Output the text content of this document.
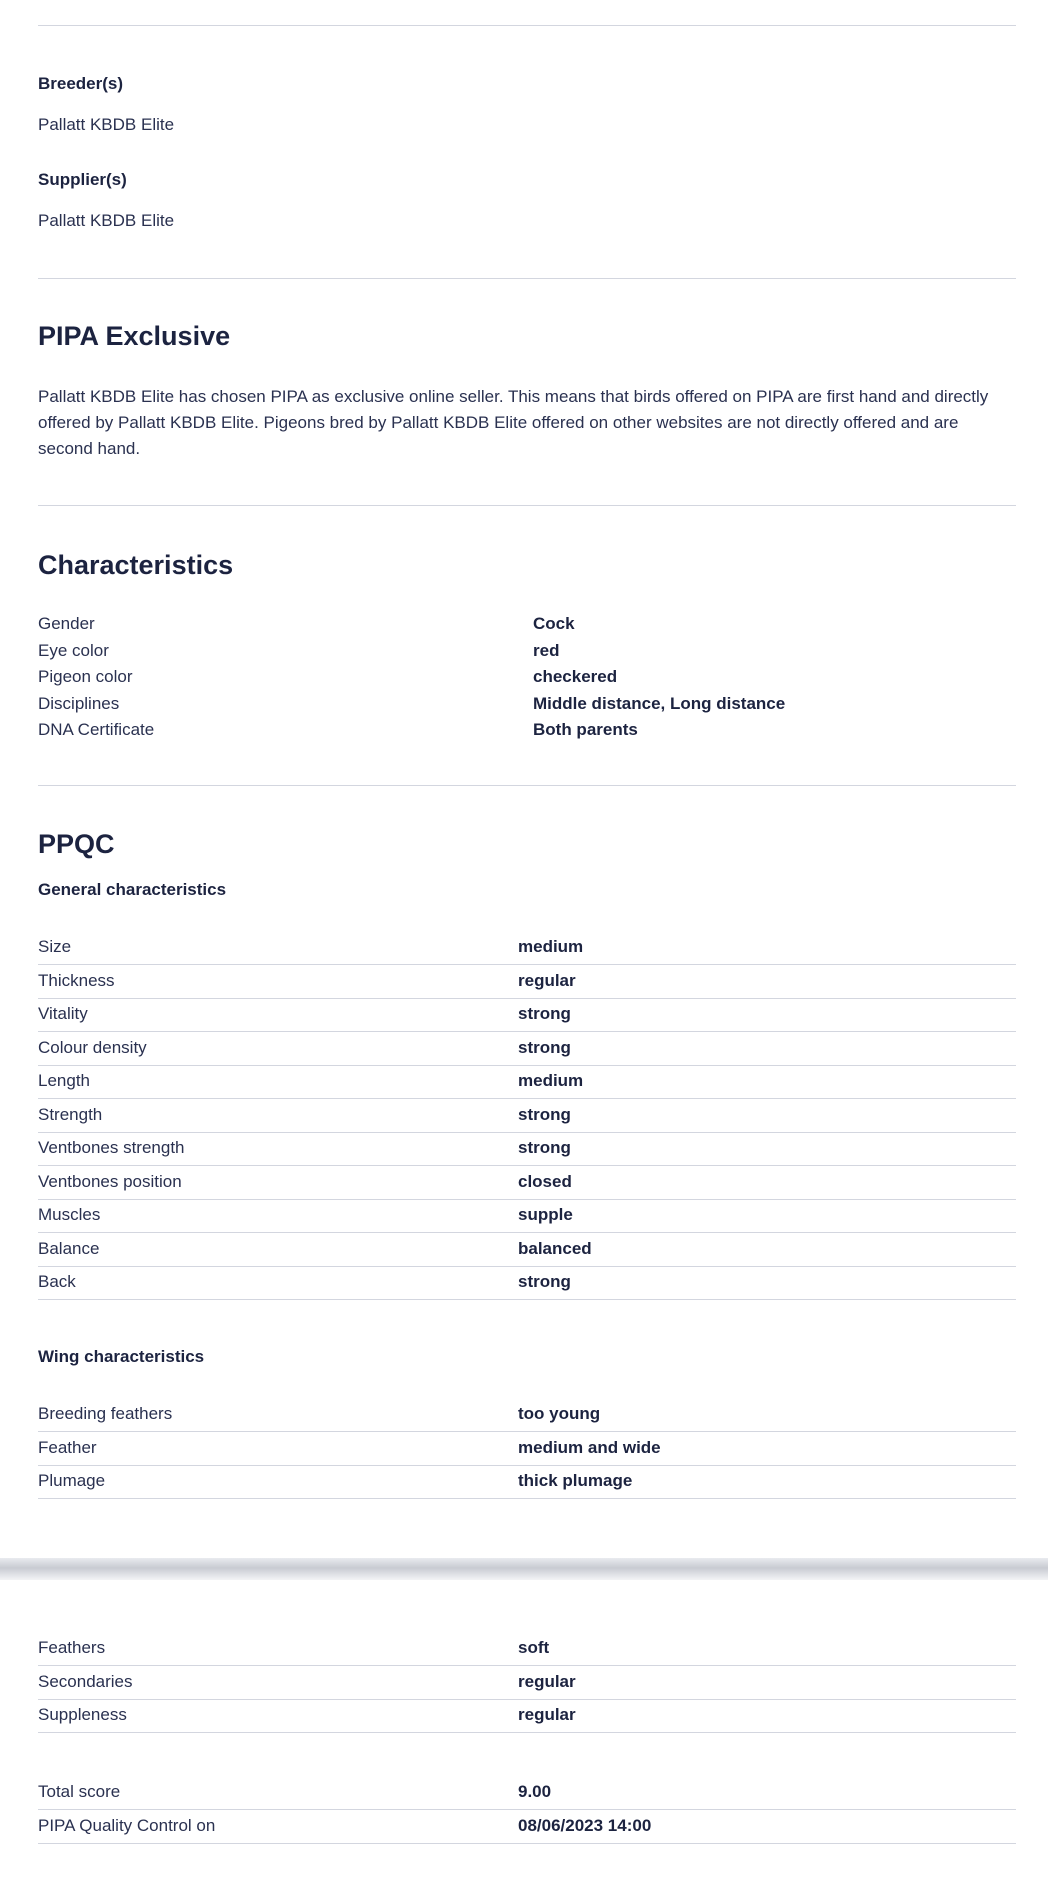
Breeder(s)
Pallatt KBDB Elite
Supplier(s)
Pallatt KBDB Elite
PIPA Exclusive
Pallatt KBDB Elite has chosen PIPA as exclusive online seller. This means that birds offered on PIPA are first hand and directly offered by Pallatt KBDB Elite. Pigeons bred by Pallatt KBDB Elite offered on other websites are not directly offered and are second hand.
Characteristics
Gender	Cock
Eye color	red
Pigeon color	checkered
Disciplines	Middle distance, Long distance
DNA Certificate	Both parents
PPQC
General characteristics
Size	medium
Thickness	regular
Vitality	strong
Colour density	strong
Length	medium
Strength	strong
Ventbones strength	strong
Ventbones position	closed
Muscles	supple
Balance	balanced
Back	strong
Wing characteristics
Breeding feathers	too young
Feather	medium and wide
Plumage	thick plumage
Feathers	soft
Secondaries	regular
Suppleness	regular
Total score	9.00
PIPA Quality Control on	08/06/2023 14:00
